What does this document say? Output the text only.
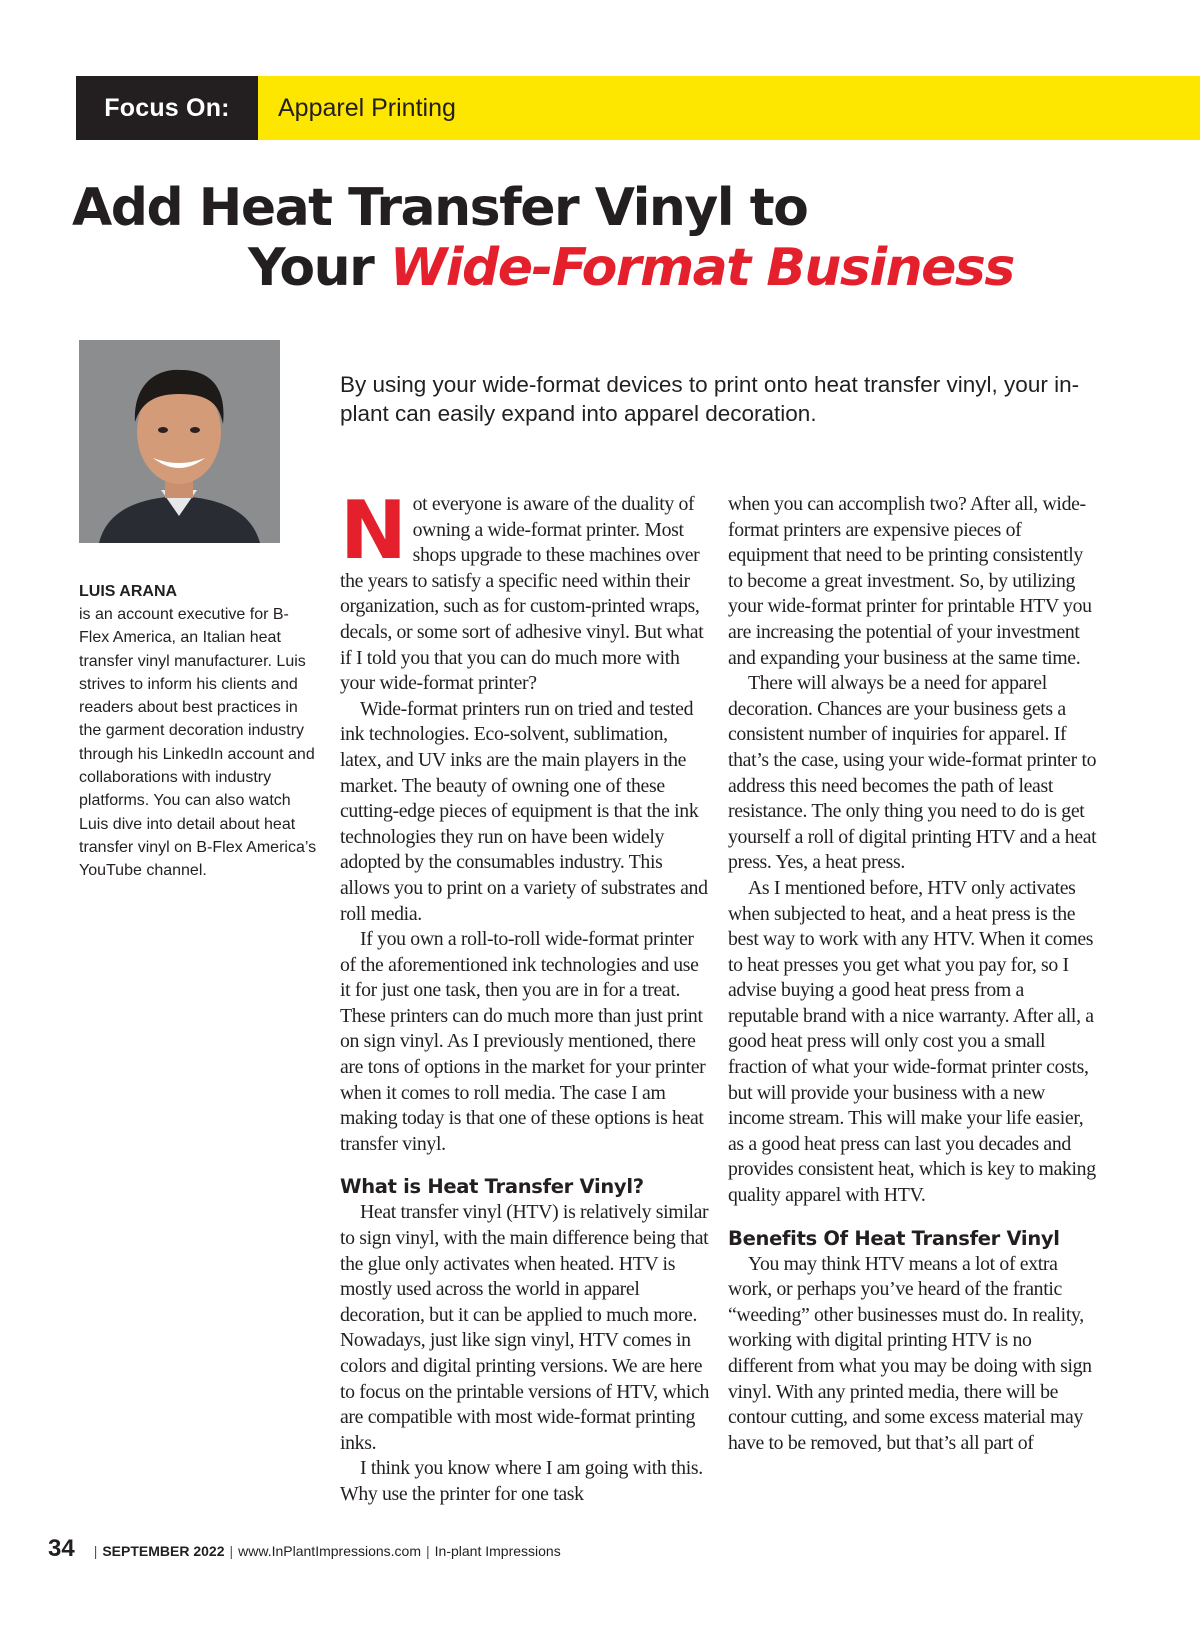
Focus On:	Apparel Printing
Add Heat Transfer Vinyl to
Your Wide-Format Business
LUIS ARANA

is an account executive for B-Flex America, an Italian heat transfer vinyl manufacturer. Luis strives to inform his clients and readers about best practices in the garment decoration industry through his LinkedIn account and collaborations with industry platforms. You can also watch Luis dive into detail about heat transfer vinyl on B-Flex America’s YouTube channel.

By using your wide-format devices to print onto heat transfer vinyl, your in-plant can easily expand into apparel decoration.

Not everyone is aware of the duality of owning a wide-format printer. Most shops upgrade to these machines over the years to satisfy a specific need within their organization, such as for custom-printed wraps, decals, or some sort of adhesive vinyl. But what if I told you that you can do much more with your wide-format printer?

Wide-format printers run on tried and tested ink technologies. Eco-solvent, sublimation, latex, and UV inks are the main players in the market. The beauty of owning one of these cutting-edge pieces of equipment is that the ink technologies they run on have been widely adopted by the consumables industry. This allows you to print on a variety of substrates and roll media.

If you own a roll-to-roll wide-format printer of the aforementioned ink technologies and use it for just one task, then you are in for a treat. These printers can do much more than just print on sign vinyl. As I previously mentioned, there are tons of options in the market for your printer when it comes to roll media. The case I am making today is that one of these options is heat transfer vinyl.

What is Heat Transfer Vinyl?

Heat transfer vinyl (HTV) is relatively similar to sign vinyl, with the main difference being that the glue only activates when heated. HTV is mostly used across the world in apparel decoration, but it can be applied to much more. Nowadays, just like sign vinyl, HTV comes in colors and digital printing versions. We are here to focus on the printable versions of HTV, which are compatible with most wide-format printing inks.

I think you know where I am going with this. Why use the printer for one task

when you can accomplish two? After all, wide-format printers are expensive pieces of equipment that need to be printing consistently to become a great investment. So, by utilizing your wide-format printer for printable HTV you are increasing the potential of your investment and expanding your business at the same time.

There will always be a need for apparel decoration. Chances are your business gets a consistent number of inquiries for apparel. If that’s the case, using your wide-format printer to address this need becomes the path of least resistance. The only thing you need to do is get yourself a roll of digital printing HTV and a heat press. Yes, a heat press.

As I mentioned before, HTV only activates when subjected to heat, and a heat press is the best way to work with any HTV. When it comes to heat presses you get what you pay for, so I advise buying a good heat press from a reputable brand with a nice warranty. After all, a good heat press will only cost you a small fraction of what your wide-format printer costs, but will provide your business with a new income stream. This will make your life easier, as a good heat press can last you decades and provides consistent heat, which is key to making quality apparel with HTV.

Benefits Of Heat Transfer Vinyl

You may think HTV means a lot of extra work, or perhaps you’ve heard of the frantic “weeding” other businesses must do. In reality, working with digital printing HTV is no different from what you may be doing with sign vinyl. With any printed media, there will be contour cutting, and some excess material may have to be removed, but that’s all part of

34 | SEPTEMBER 2022 | www.InPlantImpressions.com | In-plant Impressions
